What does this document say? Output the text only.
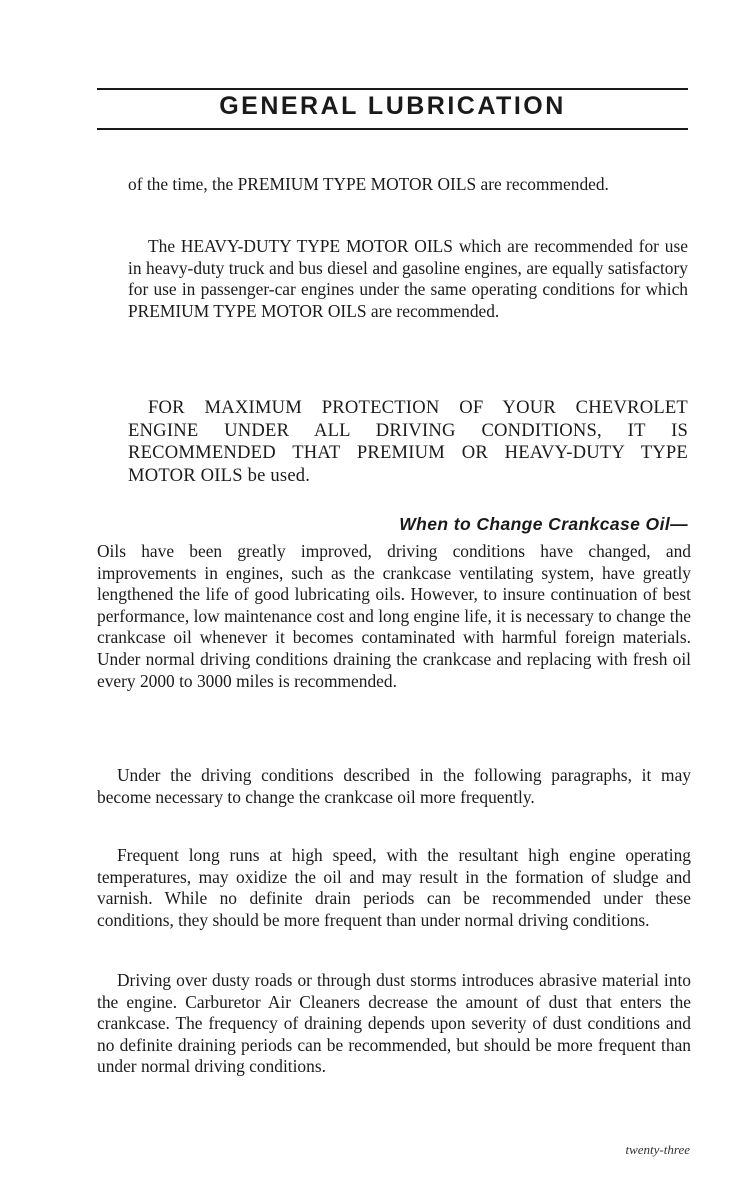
GENERAL LUBRICATION

of the time, the PREMIUM TYPE MOTOR OILS are recommended.

The HEAVY-DUTY TYPE MOTOR OILS which are recommended for use in heavy-duty truck and bus diesel and gasoline engines, are equally satisfactory for use in passenger-car engines under the same operating conditions for which PREMIUM TYPE MOTOR OILS are recommended.

FOR MAXIMUM PROTECTION OF YOUR CHEVROLET ENGINE UNDER ALL DRIVING CONDITIONS, IT IS RECOMMENDED THAT PREMIUM OR HEAVY-DUTY TYPE MOTOR OILS be used.

When to Change Crankcase Oil—

Oils have been greatly improved, driving conditions have changed, and improvements in engines, such as the crankcase ventilating system, have greatly lengthened the life of good lubricating oils. However, to insure continuation of best performance, low maintenance cost and long engine life, it is necessary to change the crankcase oil whenever it becomes contaminated with harmful foreign materials. Under normal driving conditions draining the crankcase and replacing with fresh oil every 2000 to 3000 miles is recommended.

Under the driving conditions described in the following paragraphs, it may become necessary to change the crankcase oil more frequently.

Frequent long runs at high speed, with the resultant high engine operating temperatures, may oxidize the oil and may result in the formation of sludge and varnish. While no definite drain periods can be recommended under these conditions, they should be more frequent than under normal driving conditions.

Driving over dusty roads or through dust storms introduces abrasive material into the engine. Carburetor Air Cleaners decrease the amount of dust that enters the crankcase. The frequency of draining depends upon severity of dust conditions and no definite draining periods can be recommended, but should be more frequent than under normal driving conditions.

twenty-three
